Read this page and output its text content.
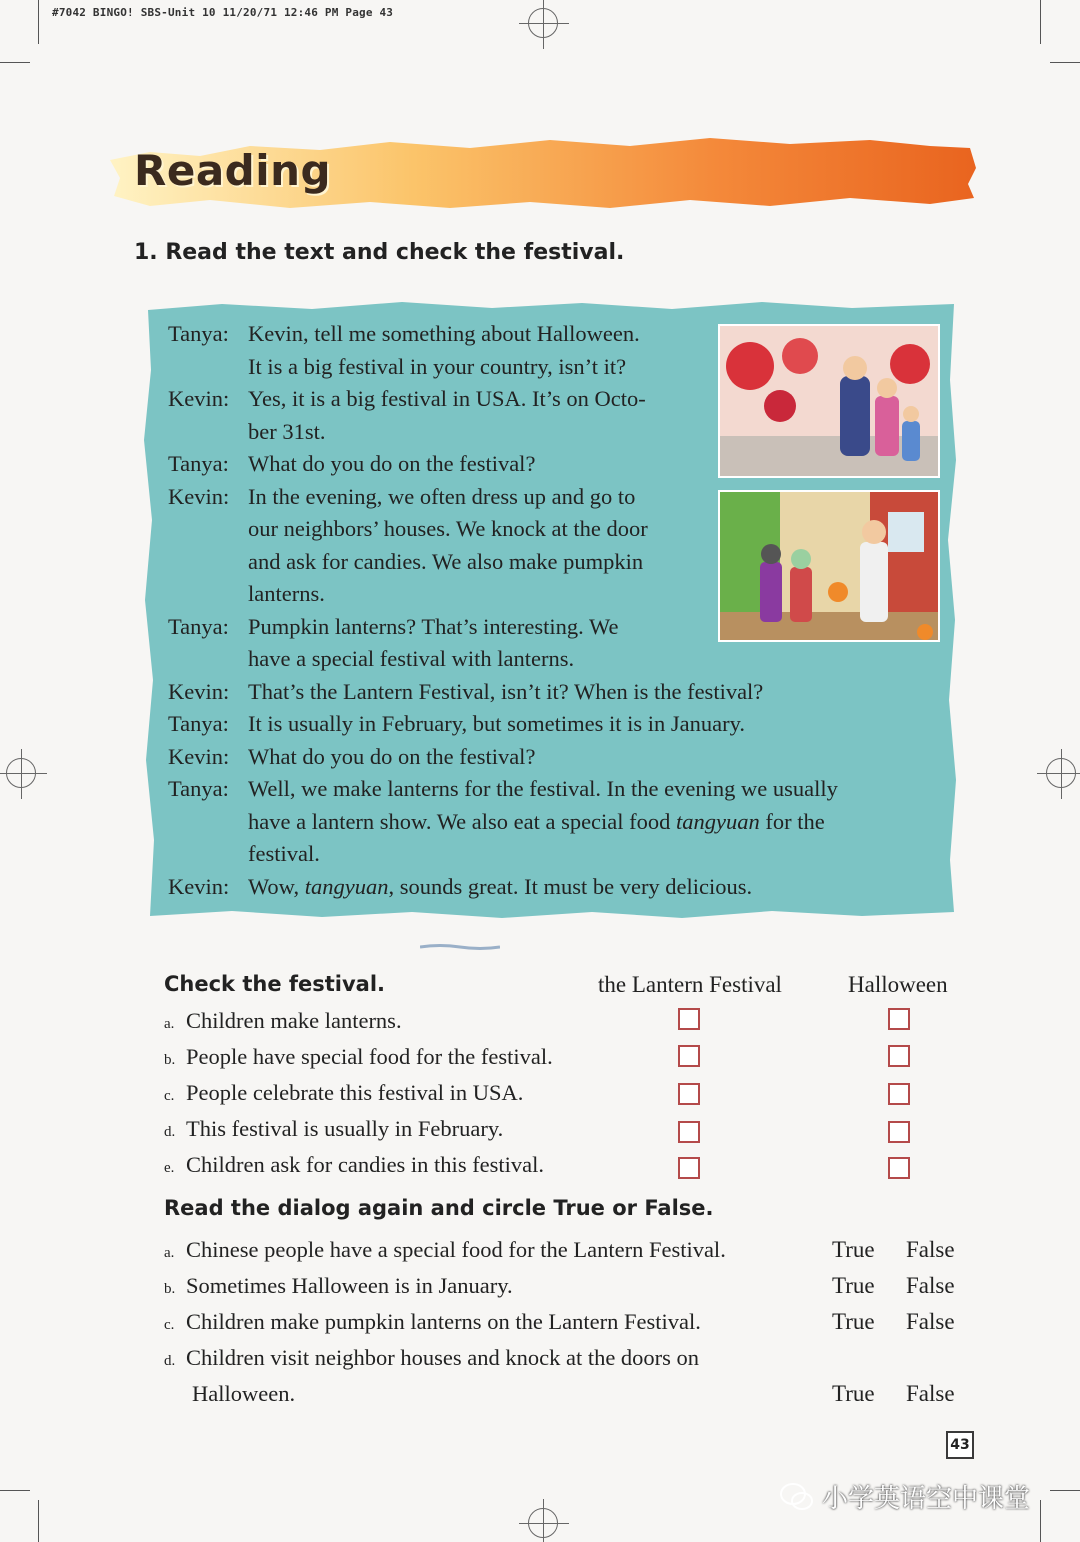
#7042 BINGO! SBS-Unit 10 11/20/71 12:46 PM Page 43
Reading
1. Read the text and check the festival.
Tanya: Kevin, tell me something about Halloween.
It is a big festival in your country, isn’t it?
Kevin: Yes, it is a big festival in USA. It’s on Octo-
ber 31st.
Tanya: What do you do on the festival?
Kevin: In the evening, we often dress up and go to
our neighbors’ houses. We knock at the door
and ask for candies. We also make pumpkin
lanterns.
Tanya: Pumpkin lanterns? That’s interesting. We
have a special festival with lanterns.
Kevin: That’s the Lantern Festival, isn’t it? When is the festival?
Tanya: It is usually in February, but sometimes it is in January.
Kevin: What do you do on the festival?
Tanya: Well, we make lanterns for the festival. In the evening we usually
have a lantern show. We also eat a special food tangyuan for the
festival.
Kevin: Wow, tangyuan, sounds great. It must be very delicious.
Check the festival.	the Lantern Festival	Halloween
a. Children make lanterns.
b. People have special food for the festival.
c. People celebrate this festival in USA.
d. This festival is usually in February.
e. Children ask for candies in this festival.
Read the dialog again and circle True or False.
a. Chinese people have a special food for the Lantern Festival.
b. Sometimes Halloween is in January.
c. Children make pumpkin lanterns on the Lantern Festival.
d. Children visit neighbor houses and knock at the doors on
Halloween.
True False
True False
True False
True False
43
小学英语空中课堂
